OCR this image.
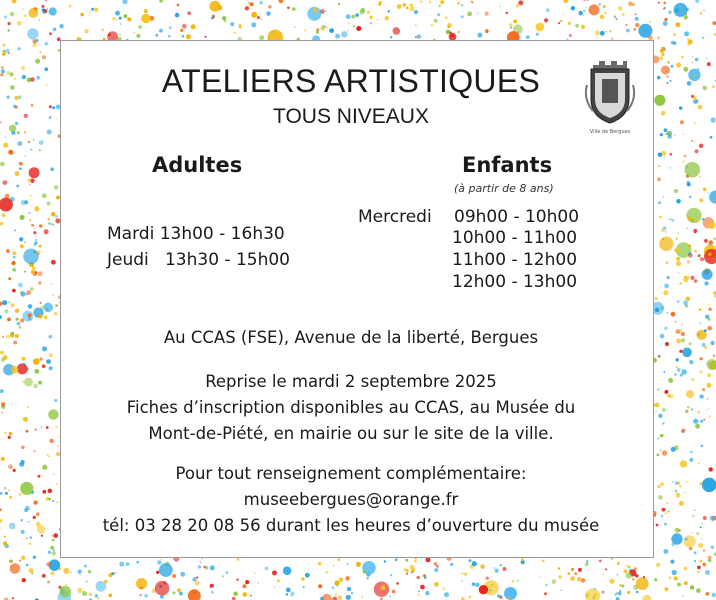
ATELIERS ARTISTIQUES
TOUS NIVEAUX
Ville de Bergues
Adultes
Mardi 13h00 - 16h30
Jeudi 13h30 - 15h00
Enfants
(à partir de 8 ans)
Mercredi 09h00 - 10h00
10h00 - 11h00
11h00 - 12h00
12h00 - 13h00
Au CCAS (FSE), Avenue de la liberté, Bergues
Reprise le mardi 2 septembre 2025
Fiches d’inscription disponibles au CCAS, au Musée du
Mont-de-Piété, en mairie ou sur le site de la ville.
Pour tout renseignement complémentaire:
museebergues@orange.fr
tél: 03 28 20 08 56 durant les heures d’ouverture du musée
